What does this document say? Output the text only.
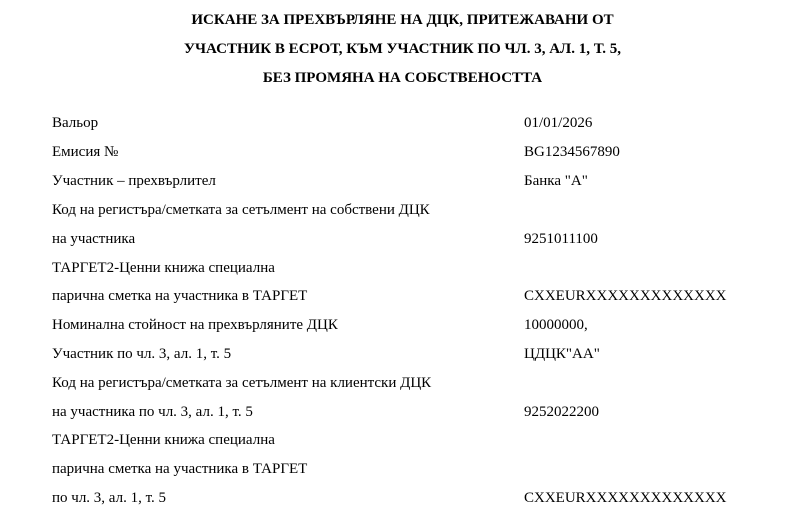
ИСКАНЕ ЗА ПРЕХВЪРЛЯНЕ НА ДЦК, ПРИТЕЖАВАНИ ОТ
УЧАСТНИК В ЕСРОТ, КЪМ УЧАСТНИК ПО ЧЛ. 3, АЛ. 1, Т. 5,
БЕЗ ПРОМЯНА НА СОБСТВЕНОСТТА
Вальор	01/01/2026
Емисия №	BG1234567890
Участник – прехвърлител	Банка "А"
Код на регистъра/сметката за сетълмент на собствени ДЦК
на участника	9251011100
ТАРГЕТ2-Ценни книжа специална
парична сметка на участника в ТАРГЕТ	CXXEURXXXXXXXXXXXXX
Номинална стойност на прехвърляните ДЦК	10000000,
Участник по чл. 3, ал. 1, т. 5	ЦДЦК"АА"
Код на регистъра/сметката за сетълмент на клиентски ДЦК
на участника по чл. 3, ал. 1, т. 5	9252022200
ТАРГЕТ2-Ценни книжа специална
парична сметка на участника в ТАРГЕТ
по чл. 3, ал. 1, т. 5	CXXEURXXXXXXXXXXXXX
